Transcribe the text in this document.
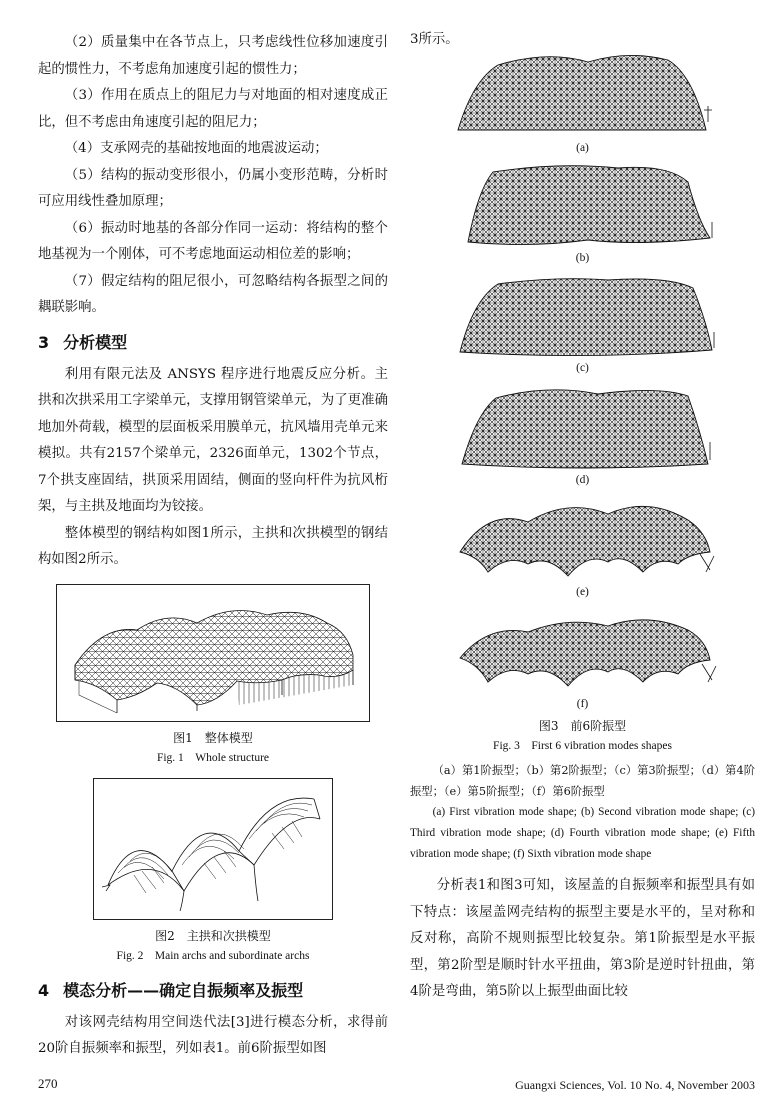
（2）质量集中在各节点上，只考虑线性位移加速度引起的惯性力，不考虑角加速度引起的惯性力；

（3）作用在质点上的阻尼力与对地面的相对速度成正比，但不考虑由角速度引起的阻尼力；

（4）支承网壳的基础按地面的地震波运动；

（5）结构的振动变形很小，仍属小变形范畴，分析时可应用线性叠加原理；

（6）振动时地基的各部分作同一运动：将结构的整个地基视为一个刚体，可不考虑地面运动相位差的影响；

（7）假定结构的阻尼很小，可忽略结构各振型之间的耦联影响。

3 分析模型

利用有限元法及 ANSYS 程序进行地震反应分析。主拱和次拱采用工字梁单元，支撑用钢管梁单元，为了更准确地加外荷载，模型的层面板采用膜单元，抗风墙用壳单元来模拟。共有2157个梁单元，2326面单元，1302个节点，7个拱支座固结，拱顶采用固结，侧面的竖向杆件为抗风桁架，与主拱及地面均为铰接。

整体模型的钢结构如图1所示，主拱和次拱模型的钢结构如图2所示。

图1　整体模型
Fig. 1　Whole structure
图2　主拱和次拱模型
Fig. 2　Main archs and subordinate archs
4 模态分析——确定自振频率及振型

对该网壳结构用空间迭代法[3]进行模态分析，求得前20阶自振频率和振型，列如表1。前6阶振型如图

3所示。

(a)
(b)
(c)
(d)
(e)
(f)
图3　前6阶振型
Fig. 3　First 6 vibration modes shapes

（a）第1阶振型；（b）第2阶振型；（c）第3阶振型；（d）第4阶振型；（e）第5阶振型；（f）第6阶振型

(a) First vibration mode shape; (b) Second vibration mode shape; (c) Third vibration mode shape; (d) Fourth vibration mode shape; (e) Fifth vibration mode shape; (f) Sixth vibration mode shape

分析表1和图3可知，该屋盖的自振频率和振型具有如下特点：该屋盖网壳结构的振型主要是水平的，呈对称和反对称，高阶不规则振型比较复杂。第1阶振型是水平振型，第2阶型是顺时针水平扭曲，第3阶是逆时针扭曲，第4阶是弯曲，第5阶以上振型曲面比较

270	Guangxi Sciences, Vol. 10 No. 4, November 2003
